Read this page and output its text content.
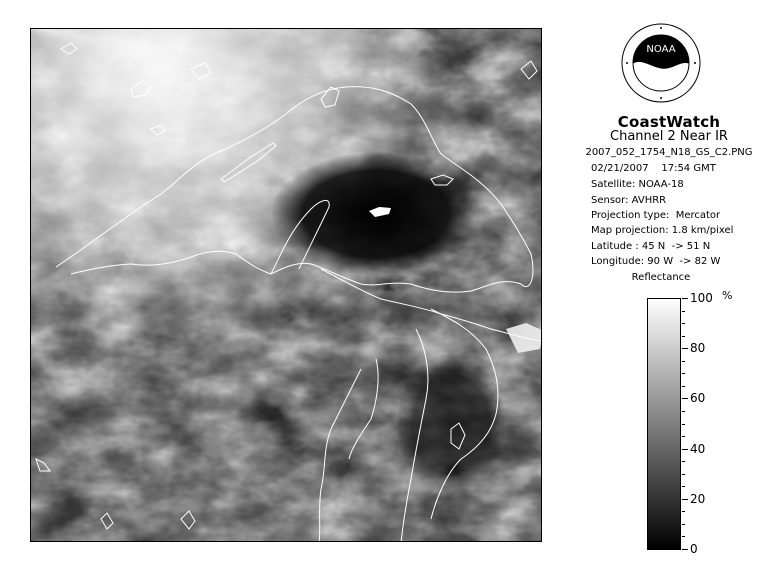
NOAA
CoastWatch
Channel 2 Near IR
2007_052_1754_N18_GS_C2.PNG
02/21/2007    17:54 GMT
Satellite: NOAA-18
Sensor: AVHRR
Projection type:  Mercator
Map projection: 1.8 km/pixel
Latitude : 45 N  -> 51 N
Longitude: 90 W  -> 82 W
Reflectance
%
100
80
60
40
20
0
